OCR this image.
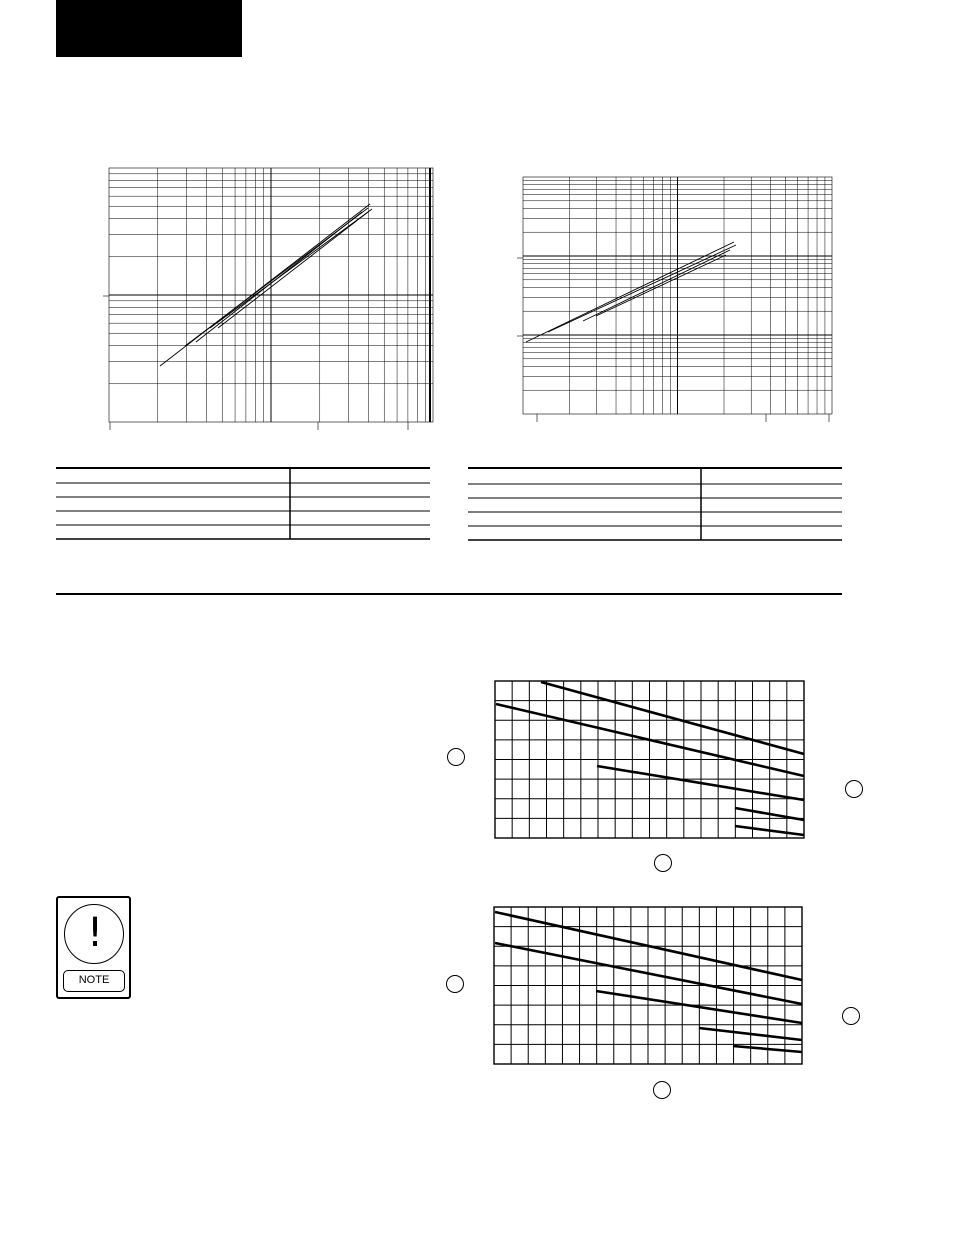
!
NOTE
